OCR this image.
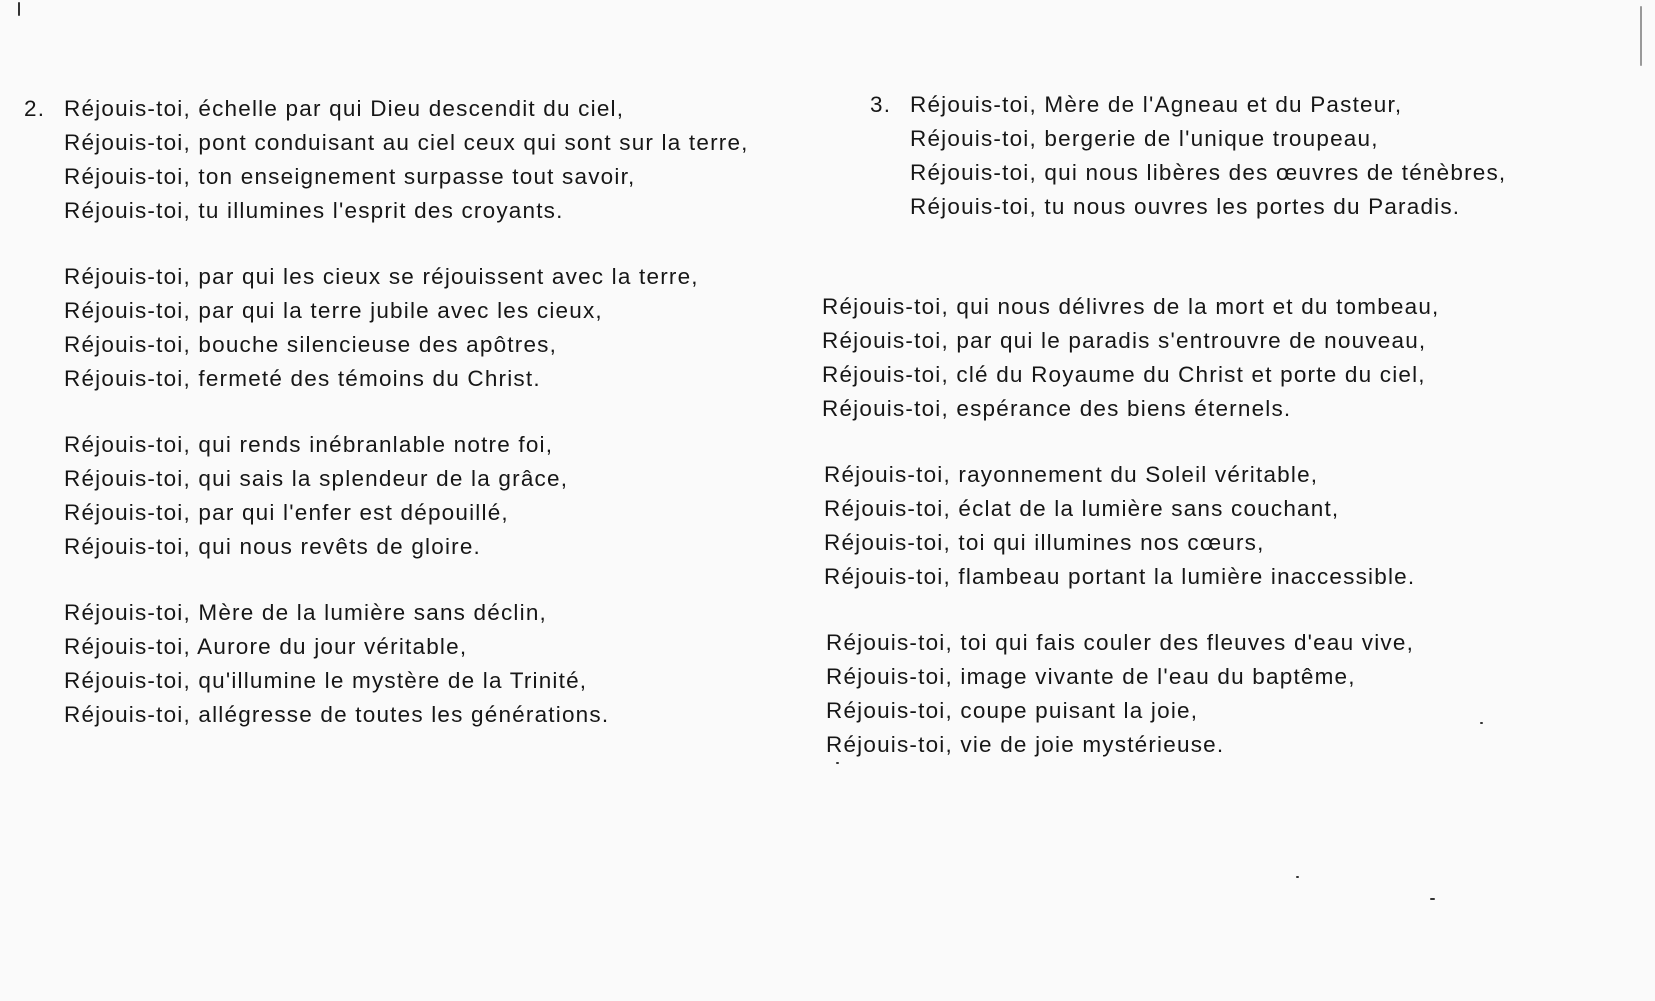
2. Réjouis-toi, échelle par qui Dieu descendit du ciel,
Réjouis-toi, pont conduisant au ciel ceux qui sont sur la terre,
Réjouis-toi, ton enseignement surpasse tout savoir,
Réjouis-toi, tu illumines l'esprit des croyants.
Réjouis-toi, par qui les cieux se réjouissent avec la terre,
Réjouis-toi, par qui la terre jubile avec les cieux,
Réjouis-toi, bouche silencieuse des apôtres,
Réjouis-toi, fermeté des témoins du Christ.
Réjouis-toi, qui rends inébranlable notre foi,
Réjouis-toi, qui sais la splendeur de la grâce,
Réjouis-toi, par qui l'enfer est dépouillé,
Réjouis-toi, qui nous revêts de gloire.
Réjouis-toi, Mère de la lumière sans déclin,
Réjouis-toi, Aurore du jour véritable,
Réjouis-toi, qu'illumine le mystère de la Trinité,
Réjouis-toi, allégresse de toutes les générations.
3. Réjouis-toi, Mère de l'Agneau et du Pasteur,
Réjouis-toi, bergerie de l'unique troupeau,
Réjouis-toi, qui nous libères des œuvres de ténèbres,
Réjouis-toi, tu nous ouvres les portes du Paradis.
Réjouis-toi, qui nous délivres de la mort et du tombeau,
Réjouis-toi, par qui le paradis s'entrouvre de nouveau,
Réjouis-toi, clé du Royaume du Christ et porte du ciel,
Réjouis-toi, espérance des biens éternels.
Réjouis-toi, rayonnement du Soleil véritable,
Réjouis-toi, éclat de la lumière sans couchant,
Réjouis-toi, toi qui illumines nos cœurs,
Réjouis-toi, flambeau portant la lumière inaccessible.
Réjouis-toi, toi qui fais couler des fleuves d'eau vive,
Réjouis-toi, image vivante de l'eau du baptême,
Réjouis-toi, coupe puisant la joie,
Réjouis-toi, vie de joie mystérieuse.
